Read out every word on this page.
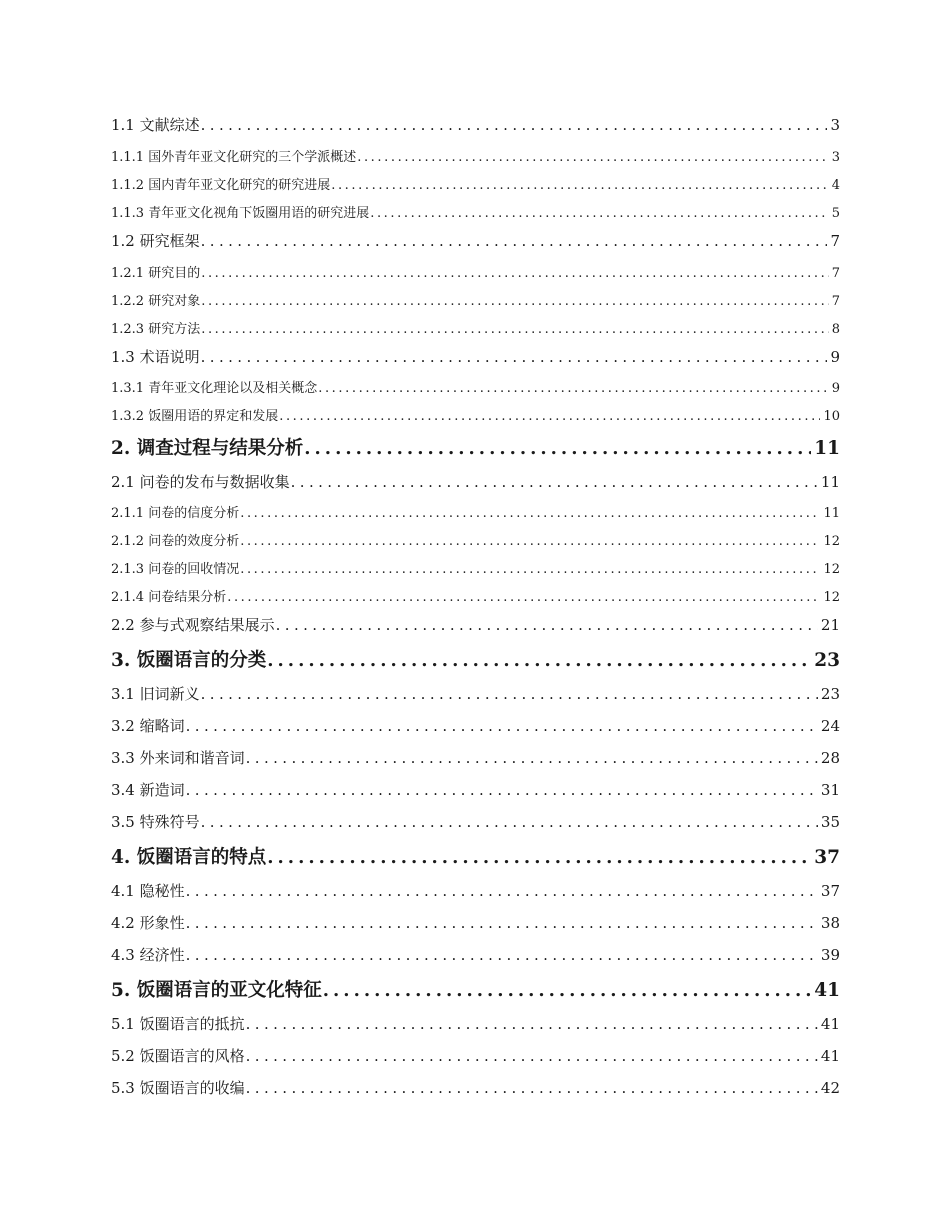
1.1 文献综述 .....	3
1.1.1 国外青年亚文化研究的三个学派概述 .....	3
1.1.2 国内青年亚文化研究的研究进展 .....	4
1.1.3 青年亚文化视角下饭圈用语的研究进展 .....	5
1.2 研究框架 .....	7
1.2.1 研究目的 .....	7
1.2.2 研究对象 .....	7
1.2.3 研究方法 .....	8
1.3 术语说明 .....	9
1.3.1 青年亚文化理论以及相关概念 .....	9
1.3.2 饭圈用语的界定和发展 .....	10
2. 调查过程与结果分析 .....	11
2.1 问卷的发布与数据收集 .....	11
2.1.1 问卷的信度分析 .....	11
2.1.2 问卷的效度分析 .....	12
2.1.3 问卷的回收情况 .....	12
2.1.4 问卷结果分析 .....	12
2.2 参与式观察结果展示 .....	21
3. 饭圈语言的分类 .....	23
3.1 旧词新义 .....	23
3.2 缩略词 .....	24
3.3 外来词和谐音词 .....	28
3.4 新造词 .....	31
3.5 特殊符号 .....	35
4. 饭圈语言的特点 .....	37
4.1 隐秘性 .....	37
4.2 形象性 .....	38
4.3 经济性 .....	39
5. 饭圈语言的亚文化特征 .....	41
5.1 饭圈语言的抵抗 .....	41
5.2 饭圈语言的风格 .....	41
5.3 饭圈语言的收编 .....	42
